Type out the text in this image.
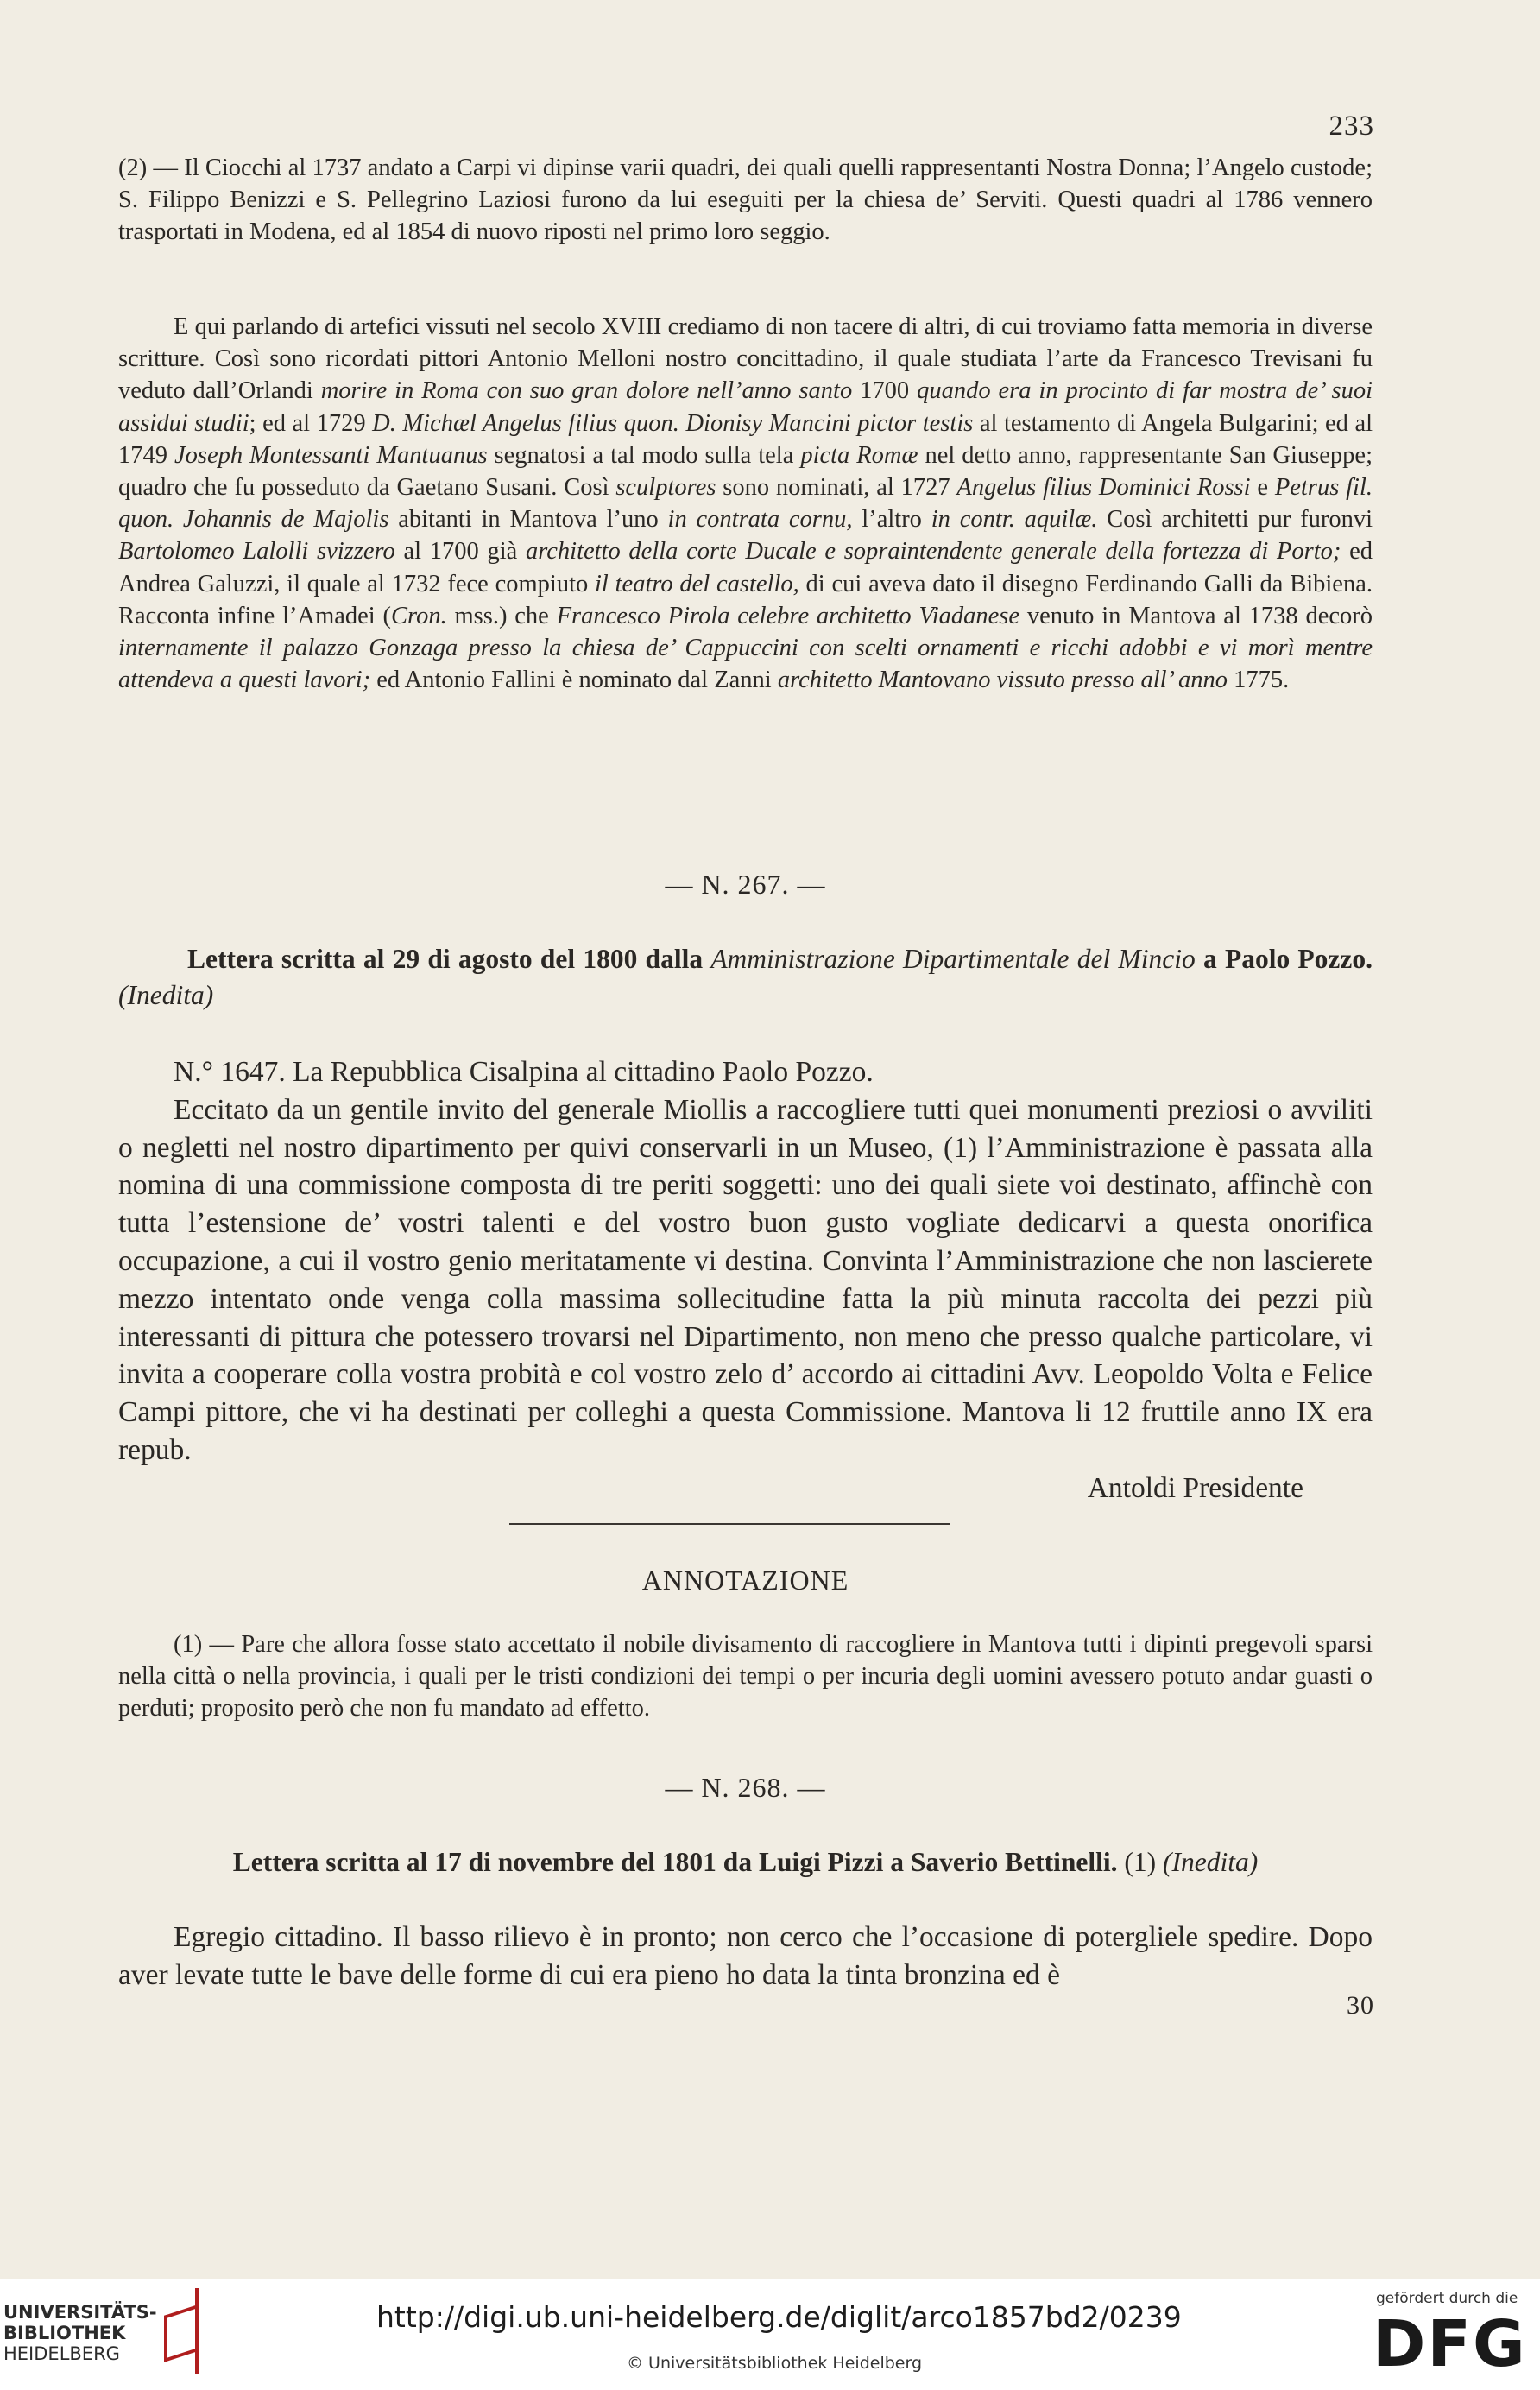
233

(2) — Il Ciocchi al 1737 andato a Carpi vi dipinse varii quadri, dei quali quelli rappresentanti Nostra Donna; l’Angelo custode; S. Filippo Benizzi e S. Pellegrino Laziosi furono da lui eseguiti per la chiesa de’ Serviti. Questi quadri al 1786 vennero trasportati in Modena, ed al 1854 di nuovo riposti nel primo loro seggio.

E qui parlando di artefici vissuti nel secolo XVIII crediamo di non tacere di altri, di cui troviamo fatta memoria in diverse scritture. Così sono ricordati pittori Antonio Melloni nostro concittadino, il quale studiata l’arte da Francesco Trevisani fu veduto dall’Orlandi morire in Roma con suo gran dolore nell’anno santo 1700 quando era in procinto di far mostra de’ suoi assidui studii; ed al 1729 D. Michæl Angelus filius quon. Dionisy Mancini pictor testis al testamento di Angela Bulgarini; ed al 1749 Joseph Montessanti Mantuanus segnatosi a tal modo sulla tela picta Romæ nel detto anno, rappresentante San Giuseppe; quadro che fu posseduto da Gaetano Susani. Così sculptores sono nominati, al 1727 Angelus filius Dominici Rossi e Petrus fil. quon. Johannis de Majolis abitanti in Mantova l’uno in contrata cornu, l’altro in contr. aquilæ. Così architetti pur furonvi Bartolomeo Lalolli svizzero al 1700 già architetto della corte Ducale e sopraintendente generale della fortezza di Porto; ed Andrea Galuzzi, il quale al 1732 fece compiuto il teatro del castello, di cui aveva dato il disegno Ferdinando Galli da Bibiena. Racconta infine l’Amadei (Cron. mss.) che Francesco Pirola celebre architetto Viadanese venuto in Mantova al 1738 decorò internamente il palazzo Gonzaga presso la chiesa de’ Cappuccini con scelti ornamenti e ricchi adobbi e vi morì mentre attendeva a questi lavori; ed Antonio Fallini è nominato dal Zanni architetto Mantovano vissuto presso all’ anno 1775.

— N. 267. —

Lettera scritta al 29 di agosto del 1800 dalla Amministrazione Dipartimentale del Mincio a Paolo Pozzo. (Inedita)

N.° 1647. La Repubblica Cisalpina al cittadino Paolo Pozzo.

Eccitato da un gentile invito del generale Miollis a raccogliere tutti quei monumenti preziosi o avviliti o negletti nel nostro dipartimento per quivi conservarli in un Museo, (1) l’Amministrazione è passata alla nomina di una commissione composta di tre periti soggetti: uno dei quali siete voi destinato, affinchè con tutta l’estensione de’ vostri talenti e del vostro buon gusto vogliate dedicarvi a questa onorifica occupazione, a cui il vostro genio meritatamente vi destina. Convinta l’Amministrazione che non lascierete mezzo intentato onde venga colla massima sollecitudine fatta la più minuta raccolta dei pezzi più interessanti di pittura che potessero trovarsi nel Dipartimento, non meno che presso qualche particolare, vi invita a cooperare colla vostra probità e col vostro zelo d’ accordo ai cittadini Avv. Leopoldo Volta e Felice Campi pittore, che vi ha destinati per colleghi a questa Commissione. Mantova li 12 fruttile anno IX era repub.

Antoldi Presidente

ANNOTAZIONE

(1) — Pare che allora fosse stato accettato il nobile divisamento di raccogliere in Mantova tutti i dipinti pregevoli sparsi nella città o nella provincia, i quali per le tristi condizioni dei tempi o per incuria degli uomini avessero potuto andar guasti o perduti; proposito però che non fu mandato ad effetto.

— N. 268. —

Lettera scritta al 17 di novembre del 1801 da Luigi Pizzi a Saverio Bettinelli. (1) (Inedita)

Egregio cittadino. Il basso rilievo è in pronto; non cerco che l’occasione di potergliele spedire. Dopo aver levate tutte le bave delle forme di cui era pieno ho data la tinta bronzina ed è

30
UNIVERSITÄTS-
BIBLIOTHEK
HEIDELBERG
http://digi.ub.uni-heidelberg.de/diglit/arco1857bd2/0239
© Universitätsbibliothek Heidelberg
gefördert durch die
DFG
